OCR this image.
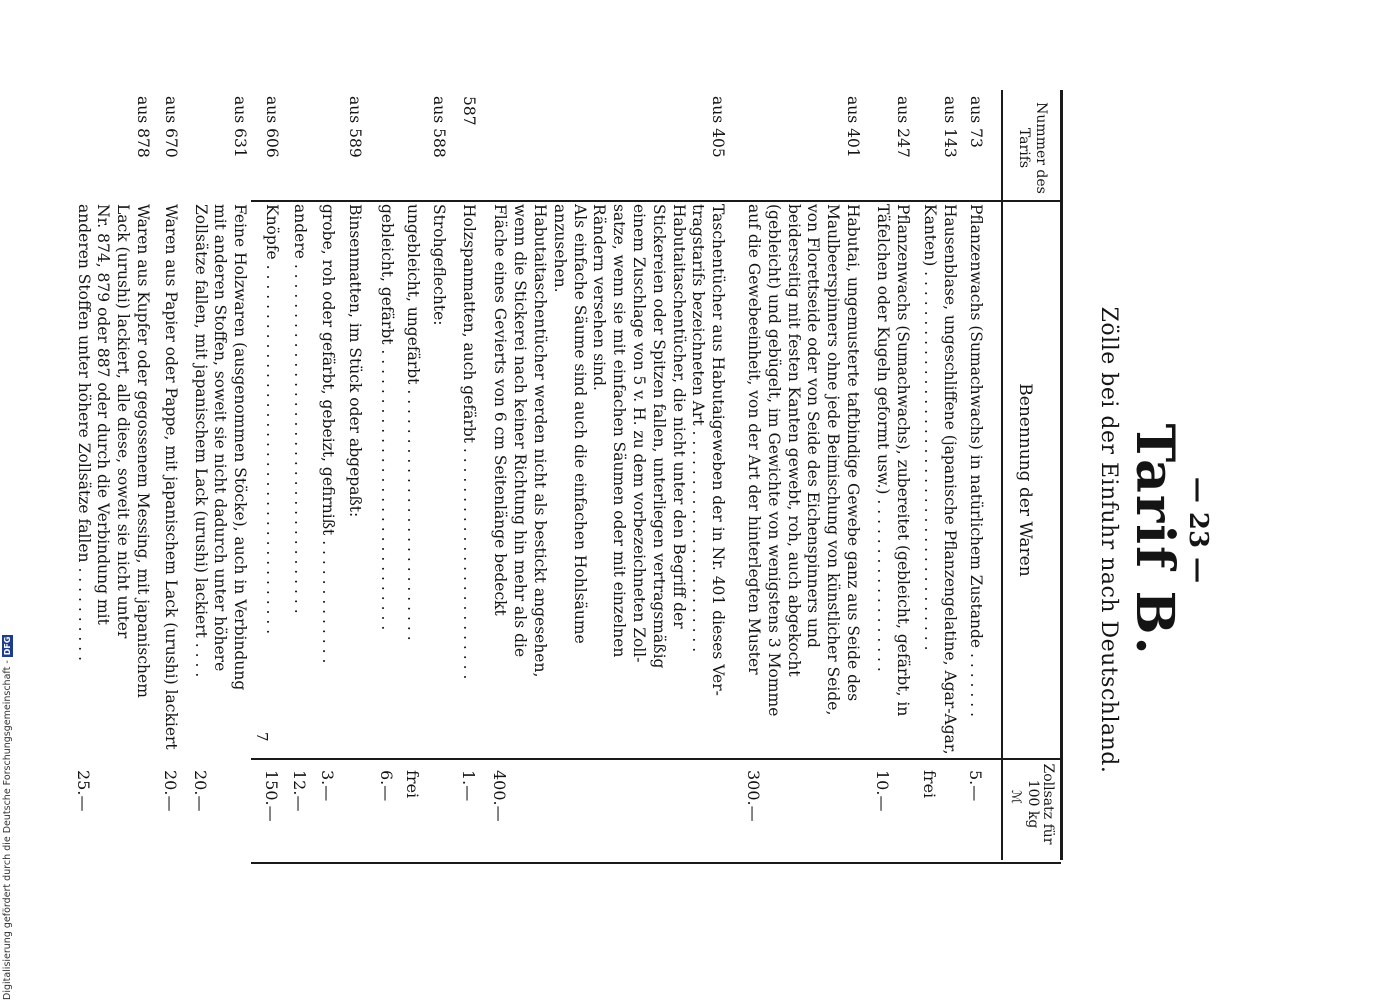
— 23 —
Tarif B.
Zölle bei der Einfuhr nach Deutschland.
Nummer des Tarifs
Benennung der Waren
Zollsatz für 100 kg
ℳ
aus 73
Pflanzenwachs (Sumachwachs) in natürlichem Zustande . . . . . . .
5.—
aus 143
Hausenblase, ungeschliffene (japanische Pflanzengelatine, Agar-Agar,
Kanten) . . . . . . . . . . . . . . . . . . . . . . . . . . . . . . . . . . . . . . .
frei
aus 247
Pflanzenwachs (Sumachwachs), zubereitet (gebleicht, gefärbt, in
Täfelchen oder Kugeln geformt usw.) . . . . . . . . . . . . . . . . . .
10.—
aus 401
Habutai, ungemusterte taftbindige Gewebe ganz aus Seide des
Maulbeerspinners ohne jede Beimischung von künstlicher Seide,
von Florettseide oder von Seide des Eichenspinners und
beiderseitig mit festen Kanten gewebt, roh, auch abgekocht
(gebleicht) und gebügelt, im Gewichte von wenigstens 3 Momme
auf die Gewebeeinheit, von der Art der hinterlegten Muster
300.—
aus 405
Taschentücher aus Habutaigeweben der in Nr. 401 dieses Ver-
tragstarifs bezeichneten Art . . . . . . . . . . . . . . . . . . . . . . .
Habutaitaschentücher, die nicht unter den Begriff der
Stickereien oder Spitzen fallen, unterliegen vertragsmäßig
einem Zuschlage von 5 v. H. zu dem vorbezeichneten Zoll-
satze, wenn sie mit einfachen Säumen oder mit einzelnen
Rändern versehen sind.
Als einfache Säume sind auch die einfachen Hohlsäume
anzusehen.
Habutaitaschentücher werden nicht als bestickt angesehen,
wenn die Stickerei nach keiner Richtung hin mehr als die
Fläche eines Gevierts von 6 cm Seitenlänge bedeckt
400.—
587
Holzspanmatten, auch gefärbt . . . . . . . . . . . . . . . . . . . . . . . .
1.—
aus 588
Strohgeflechte:
ungebleicht, ungefärbt . . . . . . . . . . . . . . . . . . . . . . . . . .
frei
gebleicht, gefärbt . . . . . . . . . . . . . . . . . . . . . . . . . . . . .
6.—
aus 589
Binsenmatten, im Stück oder abgepaßt:
grobe, roh oder gefärbt, gebeizt, gefirnißt . . . . . . . . . . . . .
3.—
andere . . . . . . . . . . . . . . . . . . . . . . . . . . . . . . . . . . . .
12.—
aus 606
Knöpfe . . . . . . . . . . . . . . . . . . . . . . . . . . . . . . . . . . . . . .
150.—
aus 631
Feine Holzwaren (ausgenommen Stöcke), auch in Verbindung
mit anderen Stoffen, soweit sie nicht dadurch unter höhere
Zollsätze fallen, mit japanischem Lack (urushi) lackiert . . . .
20.—
aus 670
Waren aus Papier oder Pappe, mit japanischem Lack (urushi) lackiert
20.—
aus 878
Waren aus Kupfer oder gegossenem Messing, mit japanischem
Lack (urushi) lackiert, alle diese, soweit sie nicht unter
Nr. 874, 879 oder 887 oder durch die Verbindung mit
anderen Stoffen unter höhere Zollsätze fallen . . . . . . . . . .
25.—
7
Digitalisierung gefördert durch die Deutsche Forschungsgemeinschaft - DFG
